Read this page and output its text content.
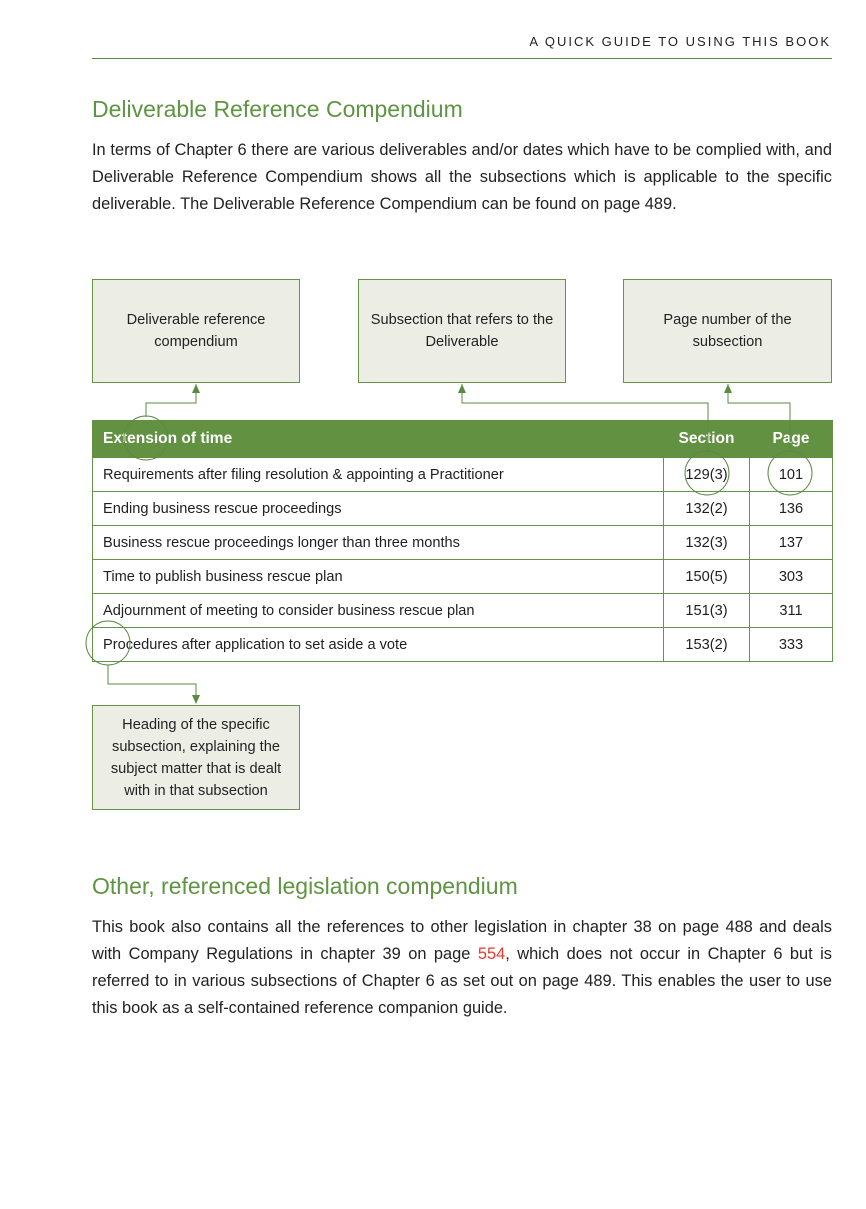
A QUICK GUIDE TO USING THIS BOOK
Deliverable Reference Compendium

In terms of Chapter 6 there are various deliverables and/or dates which have to be complied with, and Deliverable Reference Compendium shows all the subsections which is applicable to the specific deliverable. The Deliverable Reference Compendium can be found on page 489.

Deliverable reference compendium
Subsection that refers to the Deliverable
Page number of the subsection
Extension of time	Section	Page
Requirements after filing resolution & appointing a Practitioner	129(3)	101
Ending business rescue proceedings	132(2)	136
Business rescue proceedings longer than three months	132(3)	137
Time to publish business rescue plan	150(5)	303
Adjournment of meeting to consider business rescue plan	151(3)	311
Procedures after application to set aside a vote	153(2)	333
Heading of the specific subsection, explaining the subject matter that is dealt with in that subsection
Other, referenced legislation compendium

This book also contains all the references to other legislation in chapter 38 on page 488 and deals with Company Regulations in chapter 39 on page 554, which does not occur in Chapter 6 but is referred to in various subsections of Chapter 6 as set out on page 489. This enables the user to use this book as a self-contained reference companion guide.
